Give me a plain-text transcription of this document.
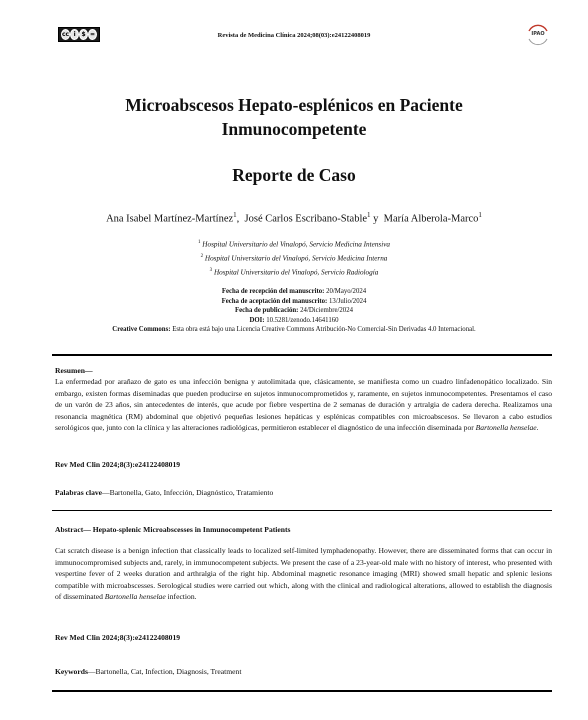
cc i $ =	Revista de Medicina Clínica 2024;08(03):e24122408019	IPAO
Microabscesos Hepato-esplénicos en Paciente
Inmunocompetente
Reporte de Caso
Ana Isabel Martínez-Martínez$^1$,  José Carlos Escribano-Stable$^1$ y  María Alberola-Marco$^1$
$^1$ Hospital Universitario del Vinalopó, Servicio Medicina Intensiva
$^2$ Hospital Universitario del Vinalopó, Servicio Medicina Interna
$^3$ Hospital Universitario del Vinalopó, Servicio Radiología
Fecha de recepción del manuscrito: 20/Mayo/2024
Fecha de aceptación del manuscrito: 13/Julio/2024
Fecha de publicación: 24/Diciembre/2024
DOI: 10.5281/zenodo.14641160
Creative Commons: Esta obra está bajo una Licencia Creative Commons Atribución-No Comercial-Sin Derivadas 4.0 Internacional.
Resumen—
La enfermedad por arañazo de gato es una infección benigna y autolimitada que, clásicamente, se manifiesta como un cuadro linfadenopático localizado. Sin embargo, existen formas diseminadas que pueden producirse en sujetos inmunocomprometidos y, raramente, en sujetos inmunocompetentes. Presentamos el caso de un varón de 23 años, sin antecedentes de interés, que acude por fiebre vespertina de 2 semanas de duración y artralgia de cadera derecha. Realizamos una resonancia magnética (RM) abdominal que objetivó pequeñas lesiones hepáticas y esplénicas compatibles con microabscesos. Se llevaron a cabo estudios serológicos que, junto con la clínica y las alteraciones radiológicas, permitieron establecer el diagnóstico de una infección diseminada por Bartonella henselae.
Rev Med Clin 2024;8(3):e24122408019
Palabras clave—Bartonella, Gato, Infección, Diagnóstico, Tratamiento
Abstract— Hepato-splenic Microabscesses in Inmunocompetent Patients
Cat scratch disease is a benign infection that classically leads to localized self-limited lymphadenopathy. However, there are disseminated forms that can occur in immunocompromised subjects and, rarely, in immunocompetent subjects. We present the case of a 23-year-old male with no history of interest, who presented with vespertine fever of 2 weeks duration and arthralgia of the right hip. Abdominal magnetic resonance imaging (MRI) showed small hepatic and splenic lesions compatible with microabscesses. Serological studies were carried out which, along with the clinical and radiological alterations, allowed to establish the diagnosis of disseminated Bartonella henselae infection.
Rev Med Clin 2024;8(3):e24122408019
Keywords—Bartonella, Cat, Infection, Diagnosis, Treatment
